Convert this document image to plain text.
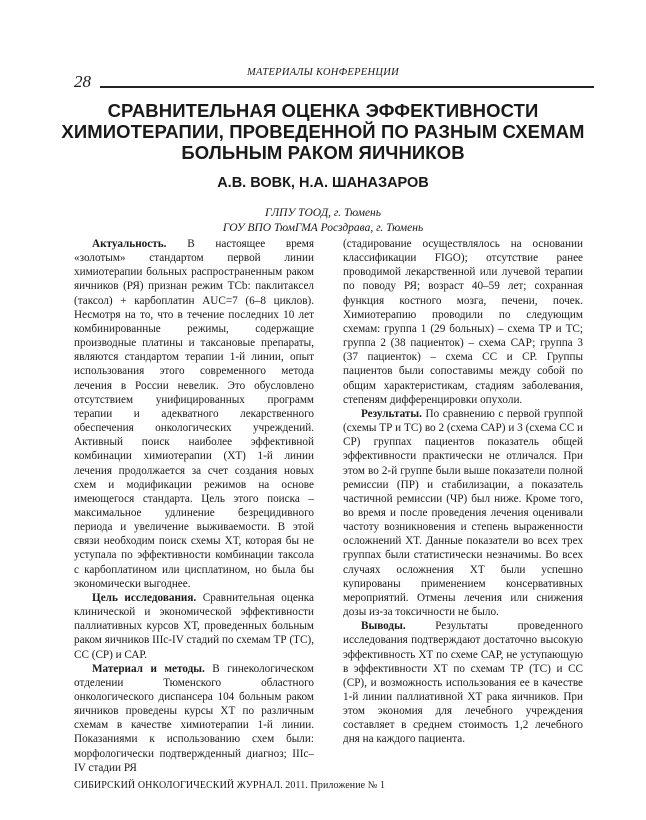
МАТЕРИАЛЫ КОНФЕРЕНЦИИ
28
СРАВНИТЕЛЬНАЯ ОЦЕНКА ЭФФЕКТИВНОСТИ
ХИМИОТЕРАПИИ, ПРОВЕДЕННОЙ ПО РАЗНЫМ СХЕМАМ
БОЛЬНЫМ РАКОМ ЯИЧНИКОВ
А.В. ВОВК, Н.А. ШАНАЗАРОВ
ГЛПУ ТООД, г. Тюмень
ГОУ ВПО ТюмГМА Росздрава, г. Тюмень

Актуальность. В настоящее время «золотым» стандартом первой линии химиотерапии больных распространенным раком яичников (РЯ) признан режим ТСb: паклитаксел (таксол) + карбоплатин AUC=7 (6–8 циклов). Несмотря на то, что в течение последних 10 лет комбинированные режимы, содержащие производные платины и таксановые препараты, являются стандартом терапии 1-й линии, опыт использования этого современного метода лечения в России невелик. Это обусловлено отсутствием унифицированных программ терапии и адекватного лекарственного обеспечения онкологических учреждений. Активный поиск наиболее эффективной комбинации химиотерапии (ХТ) 1-й линии лечения продолжается за счет создания новых схем и модификации режимов на основе имеющегося стандарта. Цель этого поиска – максимальное удлинение безрецидивного периода и увеличение выживаемости. В этой связи необходим поиск схемы ХТ, которая бы не уступала по эффективности комбинации таксола с карбоплатином или цисплатином, но была бы экономически выгоднее.

Цель исследования. Сравнительная оценка клинической и экономической эффективности паллиативных курсов ХТ, проведенных больным раком яичников IIIc-IV стадий по схемам ТР (ТС), СС (СР) и САР.

Материал и методы. В гинекологическом отделении Тюменского областного онкологического диспансера 104 больным раком яичников проведены курсы ХТ по различным схемам в качестве химиотерапии 1-й линии. Показаниями к использованию схем были: морфологически подтвержденный диагноз; IIIc–IV стадии РЯ

(стадирование осуществлялось на основании классификации FIGO); отсутствие ранее проводимой лекарственной или лучевой терапии по поводу РЯ; возраст 40–59 лет; сохранная функция костного мозга, печени, почек. Химиотерапию проводили по следующим схемам: группа 1 (29 больных) – схема ТР и ТС; группа 2 (38 пациенток) – схема САР; группа 3 (37 пациенток) – схема СС и СР. Группы пациентов были сопоставимы между собой по общим характеристикам, стадиям заболевания, степеням дифференцировки опухоли.

Результаты. По сравнению с первой группой (схемы ТР и ТС) во 2 (схема САР) и 3 (схема СС и СР) группах пациентов показатель общей эффективности практически не отличался. При этом во 2-й группе были выше показатели полной ремиссии (ПР) и стабилизации, а показатель частичной ремиссии (ЧР) был ниже. Кроме того, во время и после проведения лечения оценивали частоту возникновения и степень выраженности осложнений ХТ. Данные показатели во всех трех группах были статистически незначимы. Во всех случаях осложнения ХТ были успешно купированы применением консервативных мероприятий. Отмены лечения или снижения дозы из-за токсичности не было.

Выводы. Результаты проведенного исследования подтверждают достаточно высокую эффективность ХТ по схеме САР, не уступающую в эффективности ХТ по схемам ТР (ТС) и СС (СР), и возможность использования ее в качестве 1-й линии паллиативной ХТ рака яичников. При этом экономия для лечебного учреждения составляет в среднем стоимость 1,2 лечебного дня на каждого пациента.

СИБИРСКИЙ ОНКОЛОГИЧЕСКИЙ ЖУРНАЛ. 2011. Приложение № 1
